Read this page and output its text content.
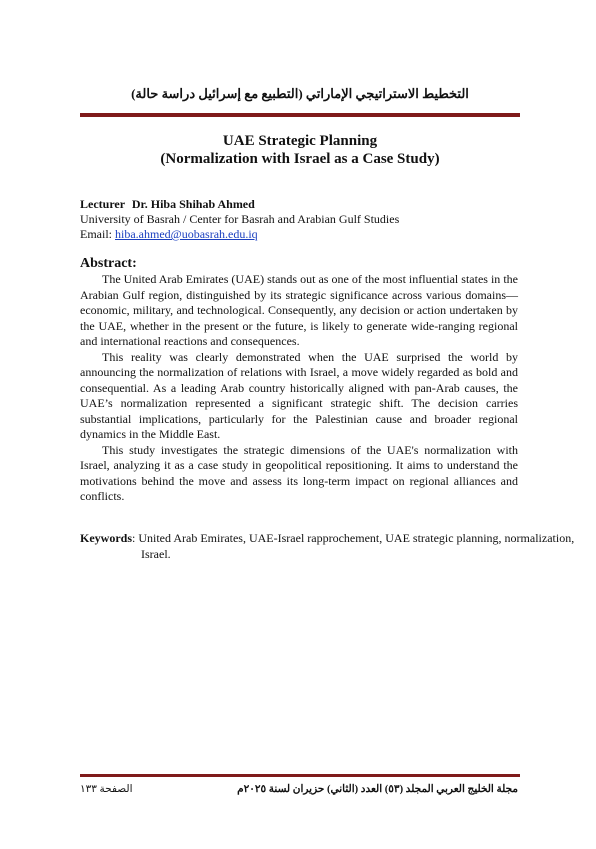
التخطيط الاستراتيجي الإماراتي (التطبيع مع إسرائيل دراسة حالة)
UAE Strategic Planning
(Normalization with Israel as a Case Study)
Lecturer Dr. Hiba Shihab Ahmed
University of Basrah / Center for Basrah and Arabian Gulf Studies
Email: hiba.ahmed@uobasrah.edu.iq
Abstract:

The United Arab Emirates (UAE) stands out as one of the most influential states in the Arabian Gulf region, distinguished by its strategic significance across various domains—economic, military, and technological. Consequently, any decision or action undertaken by the UAE, whether in the present or the future, is likely to generate wide-ranging regional and international reactions and consequences.

This reality was clearly demonstrated when the UAE surprised the world by announcing the normalization of relations with Israel, a move widely regarded as bold and consequential. As a leading Arab country historically aligned with pan-Arab causes, the UAE’s normalization represented a significant strategic shift. The decision carries substantial implications, particularly for the Palestinian cause and broader regional dynamics in the Middle East.

This study investigates the strategic dimensions of the UAE's normalization with Israel, analyzing it as a case study in geopolitical repositioning. It aims to understand the motivations behind the move and assess its long-term impact on regional alliances and conflicts.

Keywords: United Arab Emirates, UAE-Israel rapprochement, UAE strategic planning, normalization, Israel.
مجلة الخليج العربي المجلد (٥٣) العدد (الثاني) حزيران لسنة ٢٠٢٥م
الصفحة ١٣٣
